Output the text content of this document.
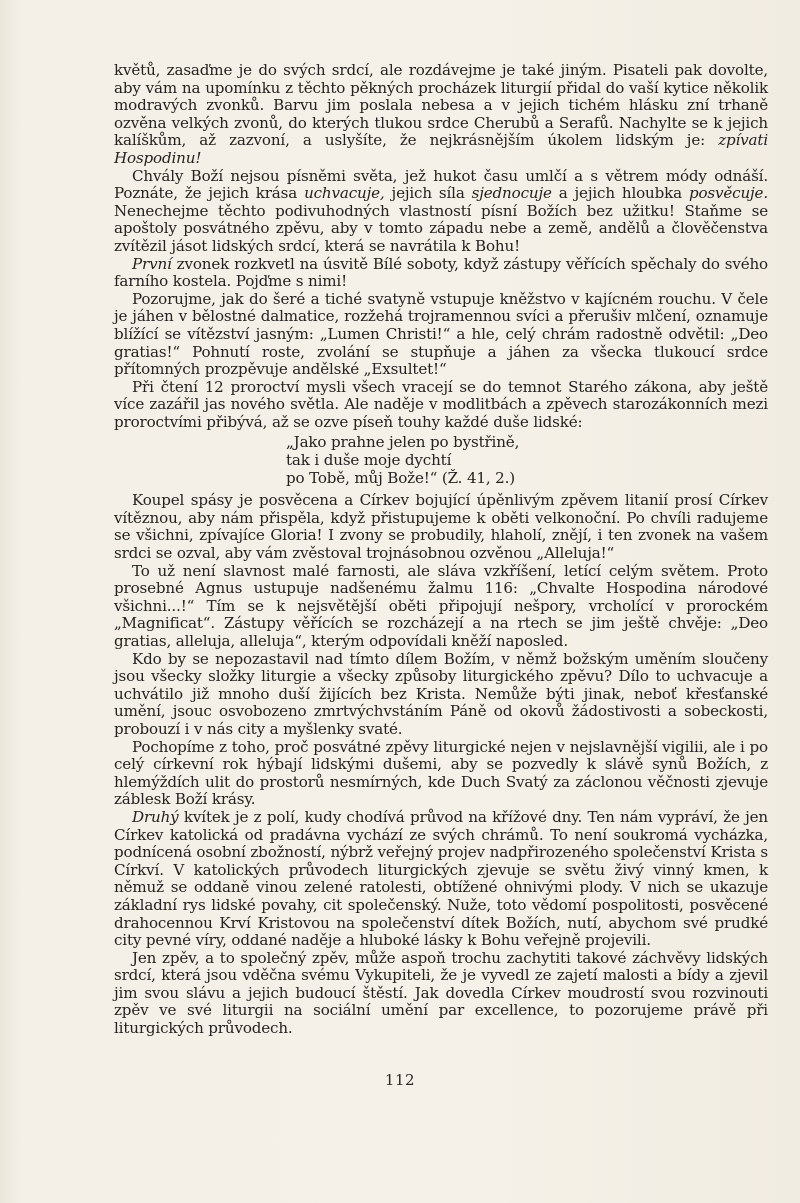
květů, zasaďme je do svých srdcí, ale rozdávejme je také jiným. Pisateli pak dovolte, aby vám na upomínku z těchto pěkných procházek liturgií přidal do vaší kytice několik modravých zvonků. Barvu jim poslala nebesa a v jejich tichém hlásku zní trhaně ozvěna velkých zvonů, do kterých tlukou srdce Cherubů a Serafů. Nachylte se k jejich kalíškům, až zazvoní, a uslyšíte, že nejkrásnějším úkolem lidským je: zpívati Hospodinu!

Chvály Boží nejsou písněmi světa, jež hukot času umlčí a s větrem módy odnáší. Poznáte, že jejich krása uchvacuje, jejich síla sjednocuje a jejich hloubka posvěcuje. Nenechejme těchto podivuhodných vlastností písní Božích bez užitku! Staňme se apoštoly posvátného zpěvu, aby v tomto západu nebe a země, andělů a člověčenstva zvítězil jásot lidských srdcí, která se navrátila k Bohu!

První zvonek rozkvetl na úsvitě Bílé soboty, když zástupy věřících spěchaly do svého farního kostela. Pojďme s nimi!

Pozorujme, jak do šeré a tiché svatyně vstupuje kněžstvo v kajícném rouchu. V čele je jáhen v bělostné dalmatice, rozžehá trojramennou svíci a přerušiv mlčení, oznamuje blížící se vítězství jasným: „Lumen Christi!“ a hle, celý chrám radostně odvětil: „Deo gratias!“ Pohnutí roste, zvolání se stupňuje a jáhen za všecka tlukoucí srdce přítomných prozpěvuje andělské „Exsultet!“

Při čtení 12 proroctví mysli všech vracejí se do temnot Starého zákona, aby ještě více zazářil jas nového světla. Ale naděje v modlitbách a zpěvech starozákonních mezi proroctvími přibývá, až se ozve píseň touhy každé duše lidské:

„Jako prahne jelen po bystřině,
tak i duše moje dychtí
po Tobě, můj Bože!“ (Ž. 41, 2.)

Koupel spásy je posvěcena a Církev bojující úpěnlivým zpěvem litanií prosí Církev vítěznou, aby nám přispěla, když přistupujeme k oběti velkonoční. Po chvíli radujeme se všichni, zpívajíce Gloria! I zvony se probudily, hlaholí, znějí, i ten zvonek na vašem srdci se ozval, aby vám zvěstoval trojnásobnou ozvěnou „Alleluja!“

To už není slavnost malé farnosti, ale sláva vzkříšení, letící celým světem. Proto prosebné Agnus ustupuje nadšenému žalmu 116: „Chvalte Hospodina národové všichni...!“ Tím se k nejsvětější oběti připojují nešpory, vrcholící v prorockém „Magnificat“. Zástupy věřících se rozcházejí a na rtech se jim ještě chvěje: „Deo gratias, alleluja, alleluja“, kterým odpovídali kněží naposled.

Kdo by se nepozastavil nad tímto dílem Božím, v němž božským uměním sloučeny jsou všecky složky liturgie a všecky způsoby liturgického zpěvu? Dílo to uchvacuje a uchvátilo již mnoho duší žijících bez Krista. Nemůže býti jinak, neboť křesťanské umění, jsouc osvobozeno zmrtvýchvstáním Páně od okovů žádostivosti a sobeckosti, probouzí i v nás city a myšlenky svaté.

Pochopíme z toho, proč posvátné zpěvy liturgické nejen v nejslavnější vigilii, ale i po celý církevní rok hýbají lidskými dušemi, aby se pozvedly k slávě synů Božích, z hlemýždích ulit do prostorů nesmírných, kde Duch Svatý za záclonou věčnosti zjevuje záblesk Boží krásy.

Druhý kvítek je z polí, kudy chodívá průvod na křížové dny. Ten nám vypráví, že jen Církev katolická od pradávna vychází ze svých chrámů. To není soukromá vycházka, podnícená osobní zbožností, nýbrž veřejný projev nadpřirozeného společenství Krista s Církví. V katolických průvodech liturgických zjevuje se světu živý vinný kmen, k němuž se oddaně vinou zelené ratolesti, obtížené ohnivými plody. V nich se ukazuje základní rys lidské povahy, cit společenský. Nuže, toto vědomí pospolitosti, posvěcené drahocennou Krví Kristovou na společenství dítek Božích, nutí, abychom své prudké city pevné víry, oddané naděje a hluboké lásky k Bohu veřejně projevili.

Jen zpěv, a to společný zpěv, může aspoň trochu zachytiti takové záchvěvy lidských srdcí, která jsou vděčna svému Vykupiteli, že je vyvedl ze zajetí malosti a bídy a zjevil jim svou slávu a jejich budoucí štěstí. Jak dovedla Církev moudrostí svou rozvinouti zpěv ve své liturgii na sociální umění par excellence, to pozorujeme právě při liturgických průvodech.

112
